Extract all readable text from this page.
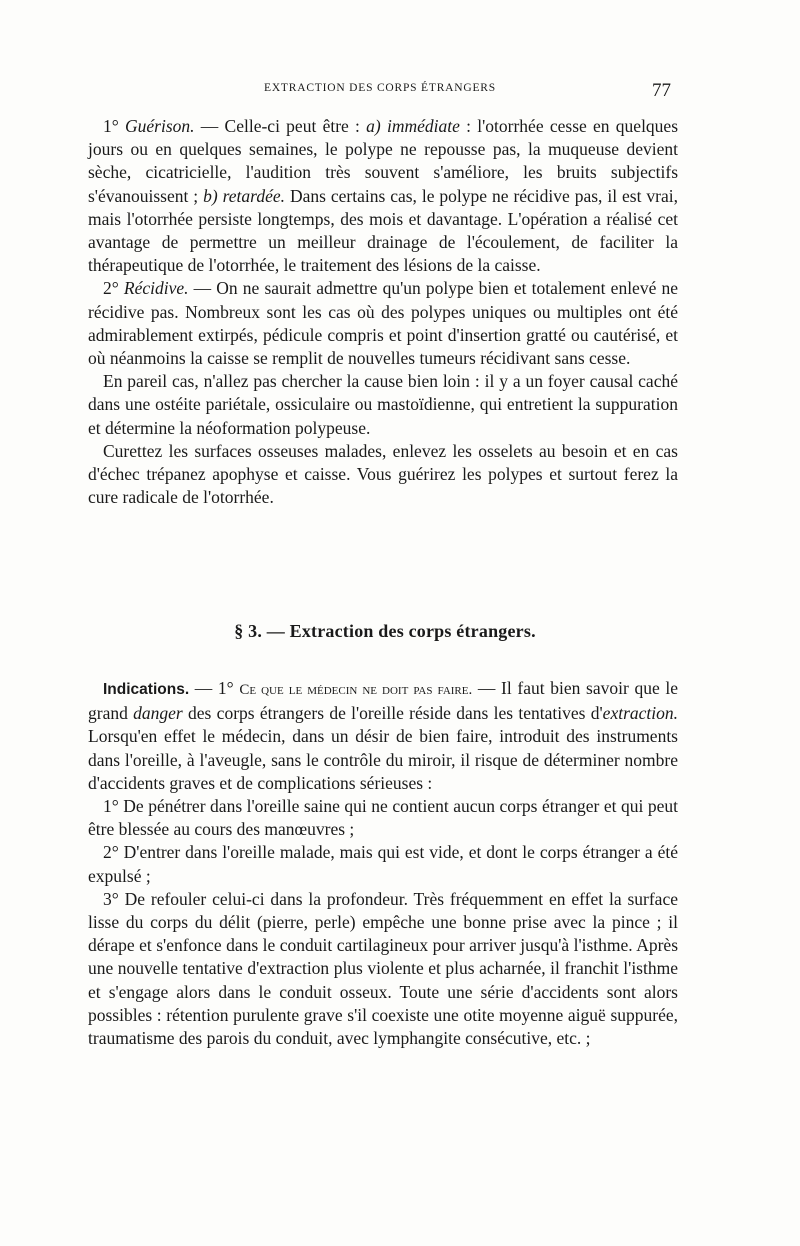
EXTRACTION DES CORPS ÉTRANGERS	77

1° Guérison. — Celle-ci peut être : a) immédiate : l'otorrhée cesse en quelques jours ou en quelques semaines, le polype ne repousse pas, la muqueuse devient sèche, cicatricielle, l'audition très souvent s'améliore, les bruits subjectifs s'évanouissent ; b) retardée. Dans certains cas, le polype ne récidive pas, il est vrai, mais l'otorrhée persiste longtemps, des mois et davantage. L'opération a réalisé cet avantage de permettre un meilleur drainage de l'écoulement, de faciliter la thérapeutique de l'otorrhée, le traitement des lésions de la caisse.

2° Récidive. — On ne saurait admettre qu'un polype bien et totalement enlevé ne récidive pas. Nombreux sont les cas où des polypes uniques ou multiples ont été admirablement extirpés, pédicule compris et point d'insertion gratté ou cautérisé, et où néanmoins la caisse se remplit de nouvelles tumeurs récidivant sans cesse.

En pareil cas, n'allez pas chercher la cause bien loin : il y a un foyer causal caché dans une ostéite pariétale, ossiculaire ou mastoïdienne, qui entretient la suppuration et détermine la néoformation polypeuse.

Curettez les surfaces osseuses malades, enlevez les osselets au besoin et en cas d'échec trépanez apophyse et caisse. Vous guérirez les polypes et surtout ferez la cure radicale de l'otorrhée.

§ 3. — Extraction des corps étrangers.

Indications. — 1° Ce que le médecin ne doit pas faire. — Il faut bien savoir que le grand danger des corps étrangers de l'oreille réside dans les tentatives d'extraction. Lorsqu'en effet le médecin, dans un désir de bien faire, introduit des instruments dans l'oreille, à l'aveugle, sans le contrôle du miroir, il risque de déterminer nombre d'accidents graves et de complications sérieuses :

1° De pénétrer dans l'oreille saine qui ne contient aucun corps étranger et qui peut être blessée au cours des manœuvres ;

2° D'entrer dans l'oreille malade, mais qui est vide, et dont le corps étranger a été expulsé ;

3° De refouler celui-ci dans la profondeur. Très fréquemment en effet la surface lisse du corps du délit (pierre, perle) empêche une bonne prise avec la pince ; il dérape et s'enfonce dans le conduit cartilagineux pour arriver jusqu'à l'isthme. Après une nouvelle tentative d'extraction plus violente et plus acharnée, il franchit l'isthme et s'engage alors dans le conduit osseux. Toute une série d'accidents sont alors possibles : rétention purulente grave s'il coexiste une otite moyenne aiguë suppurée, traumatisme des parois du conduit, avec lymphangite consécutive, etc. ;
